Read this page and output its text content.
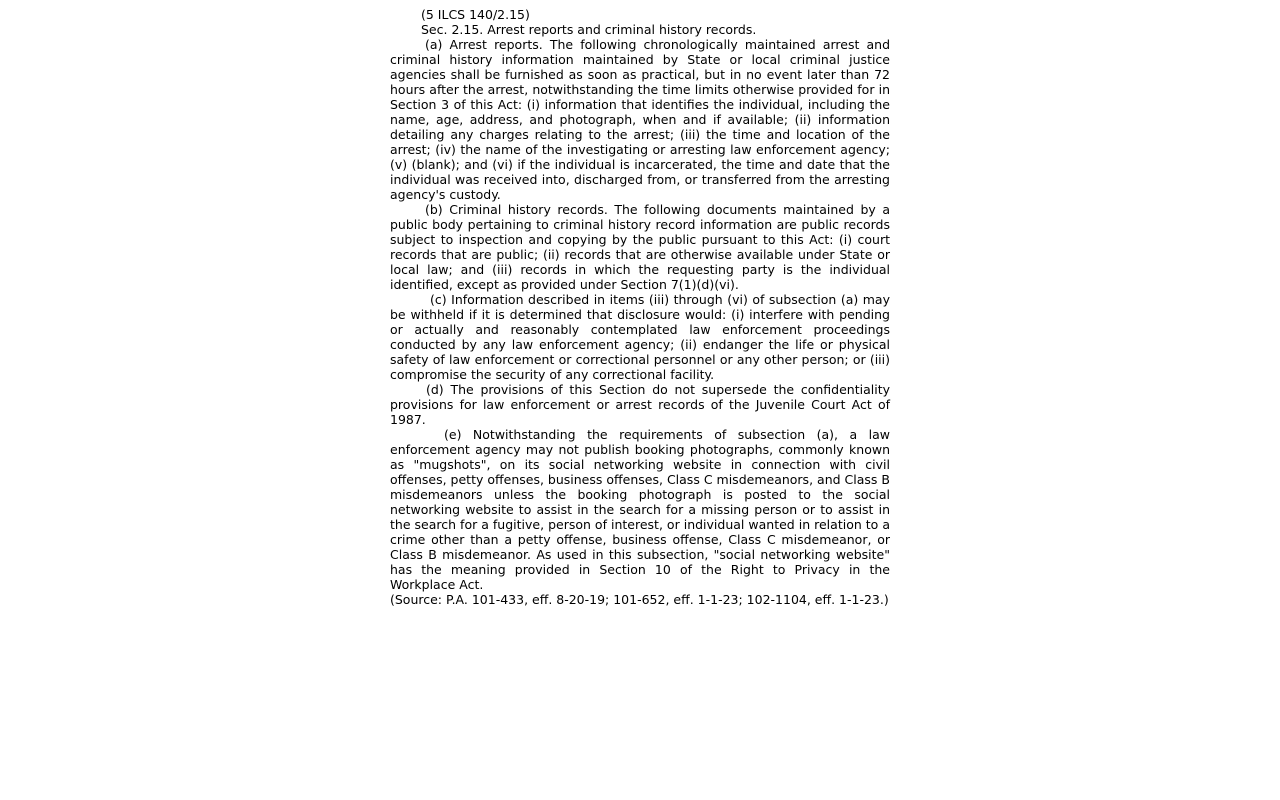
(5 ILCS 140/2.15)
Sec. 2.15. Arrest reports and criminal history records.

(a) Arrest reports. The following chronologically maintained arrest and criminal history information maintained by State or local criminal justice agencies shall be furnished as soon as practical, but in no event later than 72 hours after the arrest, notwithstanding the time limits otherwise provided for in Section 3 of this Act: (i) information that identifies the individual, including the name, age, address, and photograph, when and if available; (ii) information detailing any charges relating to the arrest; (iii) the time and location of the arrest; (iv) the name of the investigating or arresting law enforcement agency; (v) (blank); and (vi) if the individual is incarcerated, the time and date that the individual was received into, discharged from, or transferred from the arresting agency's custody.

(b) Criminal history records. The following documents maintained by a public body pertaining to criminal history record information are public records subject to inspection and copying by the public pursuant to this Act: (i) court records that are public; (ii) records that are otherwise available under State or local law; and (iii) records in which the requesting party is the individual identified, except as provided under Section 7(1)(d)(vi).

(c) Information described in items (iii) through (vi) of subsection (a) may be withheld if it is determined that disclosure would: (i) interfere with pending or actually and reasonably contemplated law enforcement proceedings conducted by any law enforcement agency; (ii) endanger the life or physical safety of law enforcement or correctional personnel or any other person; or (iii) compromise the security of any correctional facility.

(d) The provisions of this Section do not supersede the confidentiality provisions for law enforcement or arrest records of the Juvenile Court Act of 1987.

(e) Notwithstanding the requirements of subsection (a), a law enforcement agency may not publish booking photographs, commonly known as "mugshots", on its social networking website in connection with civil offenses, petty offenses, business offenses, Class C misdemeanors, and Class B misdemeanors unless the booking photograph is posted to the social networking website to assist in the search for a missing person or to assist in the search for a fugitive, person of interest, or individual wanted in relation to a crime other than a petty offense, business offense, Class C misdemeanor, or Class B misdemeanor. As used in this subsection, "social networking website" has the meaning provided in Section 10 of the Right to Privacy in the Workplace Act.

(Source: P.A. 101-433, eff. 8-20-19; 101-652, eff. 1-1-23; 102-1104, eff. 1-1-23.)
